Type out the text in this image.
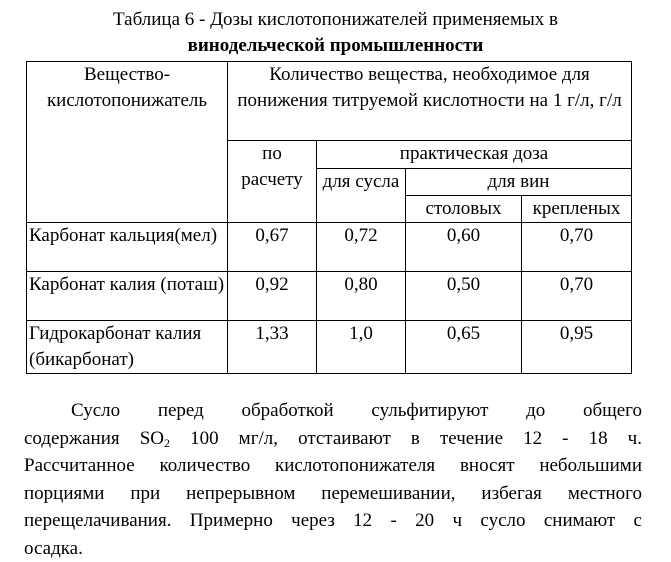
Таблица 6 - Дозы кислотопонижателей применяемых в
винодельческой промышленности
Вещество-кислотопонижатель	Количество вещества, необходимое для понижения титруемой кислотности на 1 г/л, г/л			
	по расчету	практическая доза		
		для сусла	для вин	
			столовых	крепленых
Карбонат кальция(мел)	0,67	0,72	0,60	0,70
Карбонат калия (поташ)	0,92	0,80	0,50	0,70
Гидрокарбонат калия (бикарбонат)	1,33	1,0	0,65	0,95
Сусло перед обработкой сульфитируют до общего
содержания $SO_2$ 100 мг/л, отстаивают в течение 12 - 18 ч.
Рассчитанное количество кислотопонижателя вносят небольшими
порциями при непрерывном перемешивании, избегая местного
перещелачивания. Примерно через 12 - 20 ч сусло снимают с
осадка.
